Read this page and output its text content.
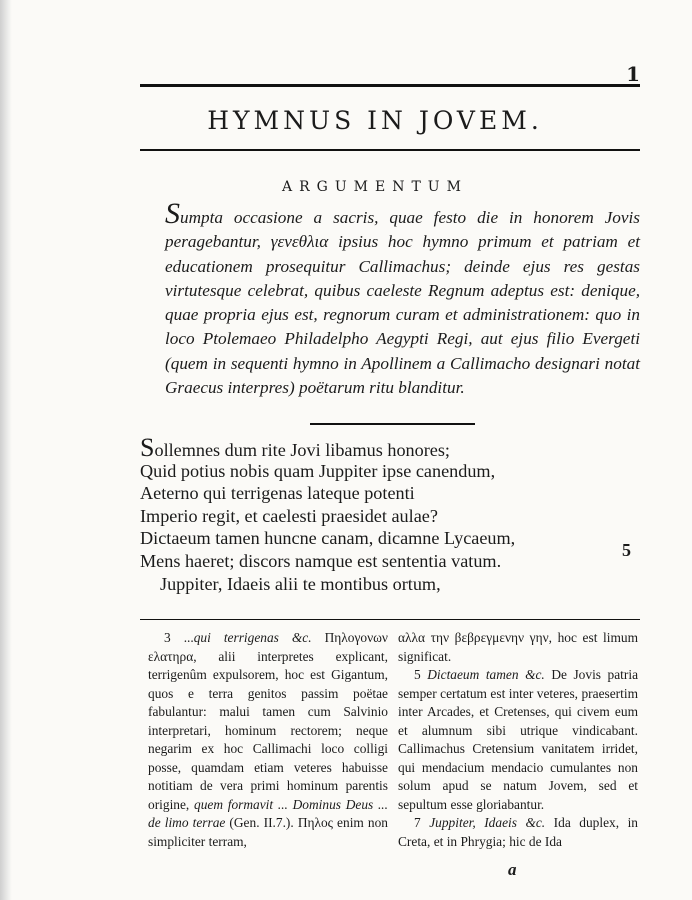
1
HYMNUS IN JOVEM.
ARGUMENTUM

Sumpta occasione a sacris, quae festo die in honorem Jovis peragebantur, γενεθλια ipsius hoc hymno primum et patriam et educationem prosequitur Callimachus; deinde ejus res gestas virtutesque celebrat, quibus caeleste Regnum adeptus est: denique, quae propria ejus est, regnorum curam et administrationem: quo in loco Ptolemaeo Philadelpho Aegypti Regi, aut ejus filio Evergeti (quem in sequenti hymno in Apollinem a Callimacho designari notat Graecus interpres) poëtarum ritu blanditur.

Sollemnes dum rite Jovi libamus honores;
Quid potius nobis quam Juppiter ipse canendum,
Aeterno qui terrigenas lateque potenti
Imperio regit, et caelesti praesidet aulae?
Dictaeum tamen huncne canam, dicamne Lycaeum,
Mens haeret; discors namque est sententia vatum.
Juppiter, Idaeis alii te montibus ortum,
5

3 ...qui terrigenas &c. Πηλογονων ελατηρα, alii interpretes explicant, terrigenûm expulsorem, hoc est Gigantum, quos e terra genitos passim poëtae fabulantur: malui tamen cum Salvinio interpretari, hominum rectorem; neque negarim ex hoc Callimachi loco colligi posse, quamdam etiam veteres habuisse notitiam de vera primi hominum parentis origine, quem formavit ... Dominus Deus ... de limo terrae (Gen. II.7.). Πηλος enim non simpliciter terram,

αλλα την βεβρεγμενην γην, hoc est limum significat.

5 Dictaeum tamen &c. De Jovis patria semper certatum est inter veteres, praesertim inter Arcades, et Cretenses, qui civem eum et alumnum sibi utrique vindicabant. Callimachus Cretensium vanitatem irridet, qui mendacium mendacio cumulantes non solum apud se natum Jovem, sed et sepultum esse gloriabantur.

7 Juppiter, Idaeis &c. Ida duplex, in Creta, et in Phrygia; hic de Ida

a
